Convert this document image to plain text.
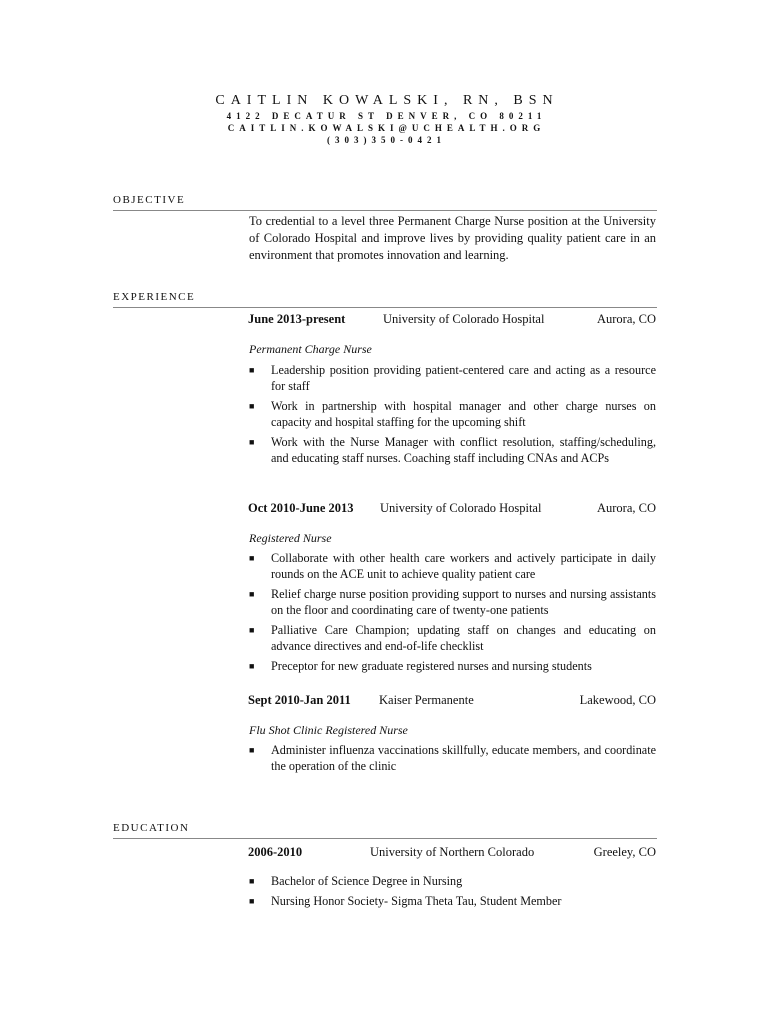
CAITLIN KOWALSKI, RN, BSN
4122 DECATUR ST DENVER, CO 80211
CAITLIN.KOWALSKI@UCHEALTH.ORG
(303)350-0421
OBJECTIVE
To credential to a level three Permanent Charge Nurse position at the University of Colorado Hospital and improve lives by providing quality patient care in an environment that promotes innovation and learning.
EXPERIENCE
June 2013-present	University of Colorado Hospital	Aurora, CO
Permanent Charge Nurse
■ Leadership position providing patient-centered care and acting as a resource for staff
■ Work in partnership with hospital manager and other charge nurses on capacity and hospital staffing for the upcoming shift
■ Work with the Nurse Manager with conflict resolution, staffing/scheduling, and educating staff nurses. Coaching staff including CNAs and ACPs
Oct 2010-June 2013 University of Colorado Hospital	Aurora, CO
Registered Nurse
■ Collaborate with other health care workers and actively participate in daily rounds on the ACE unit to achieve quality patient care
■ Relief charge nurse position providing support to nurses and nursing assistants on the floor and coordinating care of twenty-one patients
■ Palliative Care Champion; updating staff on changes and educating on advance directives and end-of-life checklist
■ Preceptor for new graduate registered nurses and nursing students
Sept 2010-Jan 2011 Kaiser Permanente	Lakewood, CO
Flu Shot Clinic Registered Nurse
■ Administer influenza vaccinations skillfully, educate members, and coordinate the operation of the clinic
EDUCATION
2006-2010	University of Northern Colorado	Greeley, CO
■ Bachelor of Science Degree in Nursing
■ Nursing Honor Society- Sigma Theta Tau, Student Member
